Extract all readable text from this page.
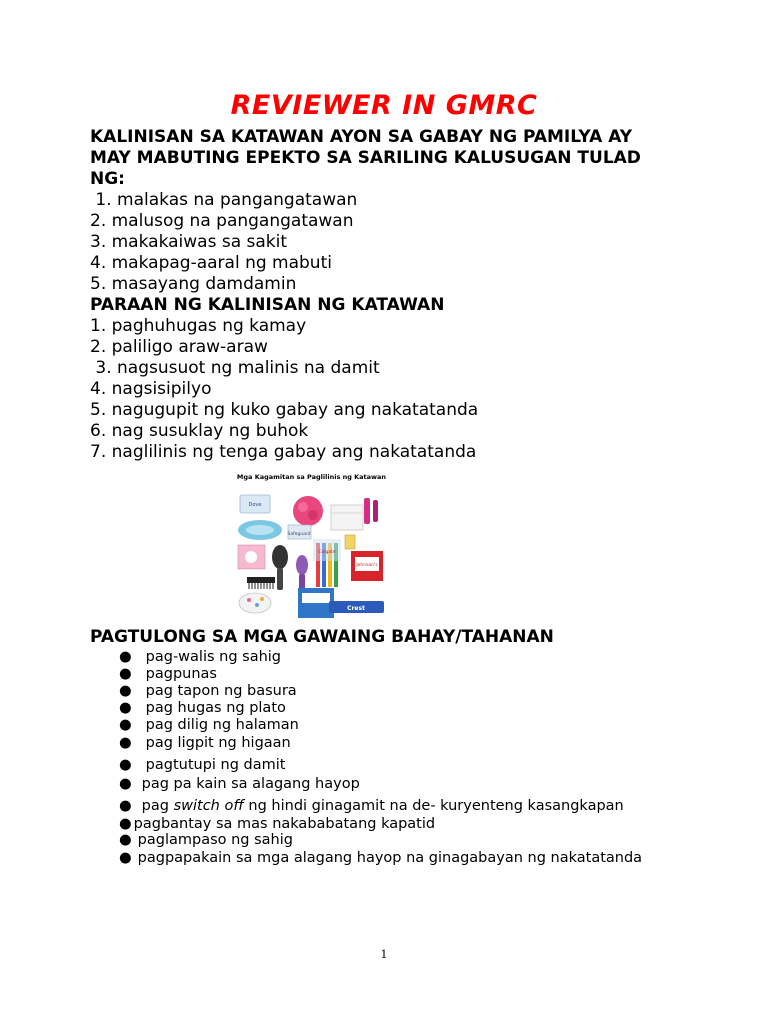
REVIEWER IN GMRC
KALINISAN SA KATAWAN AYON SA GABAY NG PAMILYA AY
MAY MABUTING EPEKTO SA SARILING KALUSUGAN TULAD
NG:
1. malakas na pangangatawan
2. malusog na pangangatawan
3. makakaiwas sa sakit
4. makapag-aaral ng mabuti
5. masayang damdamin
PARAAN NG KALINISAN NG KATAWAN
1. paghuhugas ng kamay
2. paliligo araw-araw
3. nagsusuot ng malinis na damit
4. nagsisipilyo
5. nagugupit ng kuko gabay ang nakatatanda
6. nag susuklay ng buhok
7. naglilinis ng tenga gabay ang nakatatanda
Mga Kagamitan sa Paglilinis ng Katawan
Dove
Safeguard
Colgate
Johnson's
Crest
PAGTULONG SA MGA GAWAING BAHAY/TAHANAN
● pag-walis ng sahig
● pagpunas
● pag tapon ng basura
● pag hugas ng plato
● pag dilig ng halaman
● pag ligpit ng higaan
● pagtutupi ng damit
● pag pa kain sa alagang hayop
● pag switch off ng hindi ginagamit na de- kuryenteng kasangkapan
● pagbantay sa mas nakababatang kapatid
● paglampaso ng sahig
● pagpapakain sa mga alagang hayop na ginagabayan ng nakatatanda
1
